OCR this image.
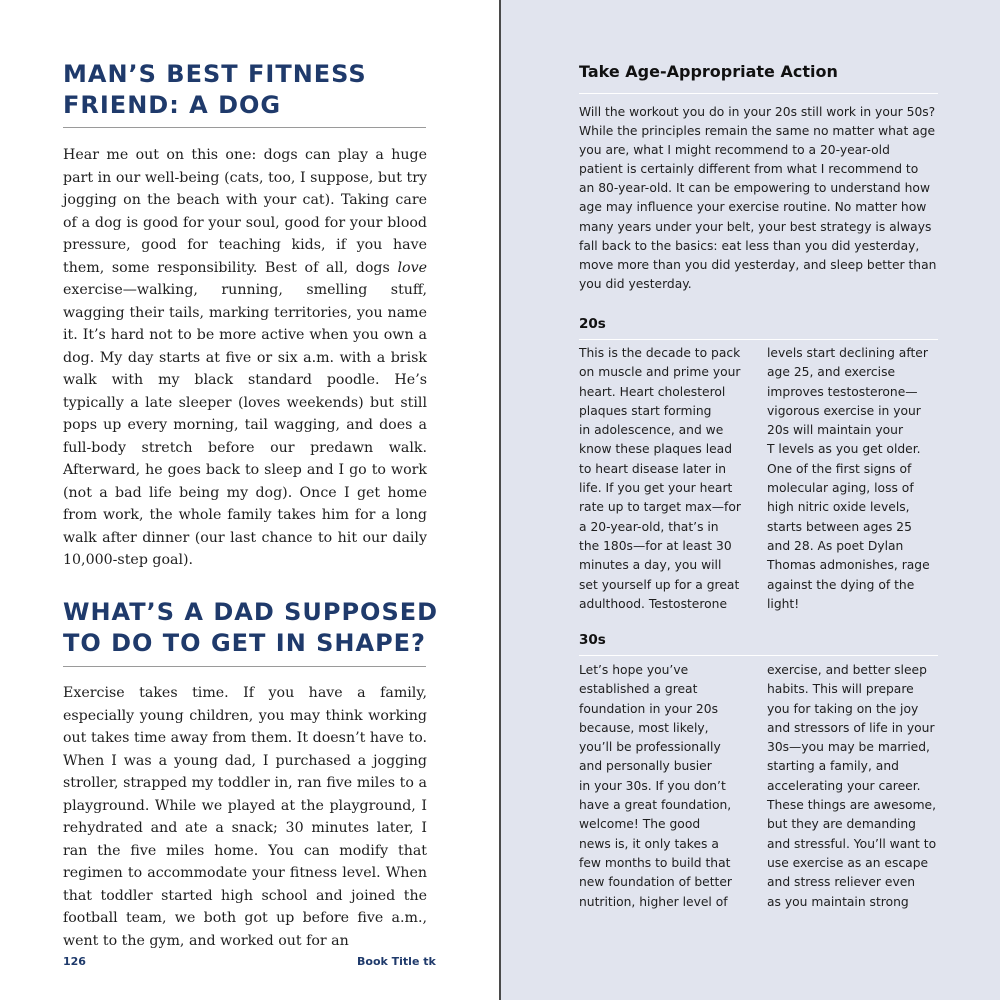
MAN’S BEST FITNESS FRIEND: A DOG

Hear me out on this one: dogs can play a huge part in our well-being (cats, too, I suppose, but try jogging on the beach with your cat). Taking care of a dog is good for your soul, good for your blood pressure, good for teaching kids, if you have them, some responsibility. Best of all, dogs love exercise—walking, running, smelling stuff, wagging their tails, marking territories, you name it. It’s hard not to be more active when you own a dog. My day starts at five or six a.m. with a brisk walk with my black standard poodle. He’s typically a late sleeper (loves weekends) but still pops up every morning, tail wagging, and does a full-body stretch before our predawn walk. Afterward, he goes back to sleep and I go to work (not a bad life being my dog). Once I get home from work, the whole family takes him for a long walk after dinner (our last chance to hit our daily 10,000-step goal).

WHAT’S A DAD SUPPOSED TO DO TO GET IN SHAPE?

Exercise takes time. If you have a family, especially young children, you may think working out takes time away from them. It doesn’t have to. When I was a young dad, I purchased a jogging stroller, strapped my toddler in, ran five miles to a playground. While we played at the playground, I rehydrated and ate a snack; 30 minutes later, I ran the five miles home. You can modify that regimen to accommodate your fitness level. When that toddler started high school and joined the football team, we both got up before five a.m., went to the gym, and worked out for an

126	Book Title tk

Take Age-Appropriate Action

Will the workout you do in your 20s still work in your 50s? While the principles remain the same no matter what age you are, what I might recommend to a 20-year-old patient is certainly different from what I recommend to an 80-year-old. It can be empowering to understand how age may influence your exercise routine. No matter how many years under your belt, your best strategy is always fall back to the basics: eat less than you did yesterday, move more than you did yesterday, and sleep better than you did yesterday.

20s
This is the decade to pack
on muscle and prime your
heart. Heart cholesterol
plaques start forming
in adolescence, and we
know these plaques lead
to heart disease later in
life. If you get your heart
rate up to target max—for
a 20-year-old, that’s in
the 180s—for at least 30
minutes a day, you will
set yourself up for a great
adulthood. Testosterone
levels start declining after
age 25, and exercise
improves testosterone—
vigorous exercise in your
20s will maintain your
T levels as you get older.
One of the first signs of
molecular aging, loss of
high nitric oxide levels,
starts between ages 25
and 28. As poet Dylan
Thomas admonishes, rage
against the dying of the
light!
30s
Let’s hope you’ve
established a great
foundation in your 20s
because, most likely,
you’ll be professionally
and personally busier
in your 30s. If you don’t
have a great foundation,
welcome! The good
news is, it only takes a
few months to build that
new foundation of better
nutrition, higher level of
exercise, and better sleep
habits. This will prepare
you for taking on the joy
and stressors of life in your
30s—you may be married,
starting a family, and
accelerating your career.
These things are awesome,
but they are demanding
and stressful. You’ll want to
use exercise as an escape
and stress reliever even
as you maintain strong
